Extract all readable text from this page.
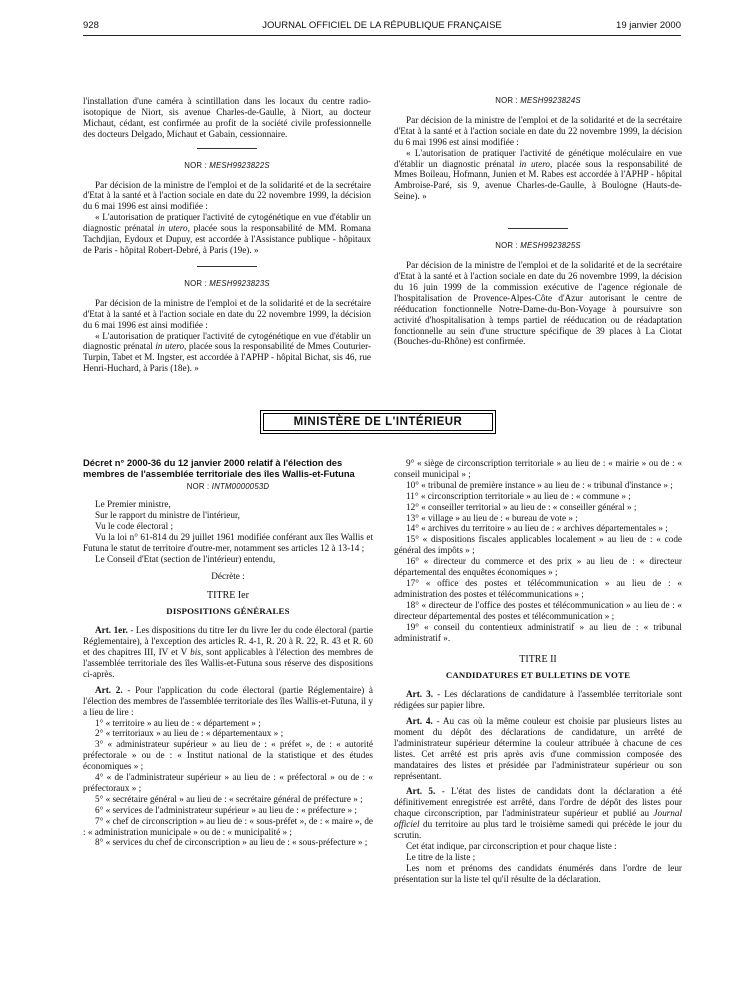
928	JOURNAL OFFICIEL DE LA RÉPUBLIQUE FRANÇAISE	19 janvier 2000

l'installation d'une caméra à scintillation dans les locaux du centre radio-isotopique de Niort, sis avenue Charles-de-Gaulle, à Niort, au docteur Michaut, cédant, est confirmée au profit de la société civile professionnelle des docteurs Delgado, Michaut et Gabain, cessionnaire.

NOR : MESH9923822S

Par décision de la ministre de l'emploi et de la solidarité et de la secrétaire d'Etat à la santé et à l'action sociale en date du 22 novembre 1999, la décision du 6 mai 1996 est ainsi modifiée :

« L'autorisation de pratiquer l'activité de cytogénétique en vue d'établir un diagnostic prénatal in utero, placée sous la responsabilité de MM. Romana Tachdjian, Eydoux et Dupuy, est accordée à l'Assistance publique - hôpitaux de Paris - hôpital Robert-Debré, à Paris (19e). »

NOR : MESH9923823S

Par décision de la ministre de l'emploi et de la solidarité et de la secrétaire d'Etat à la santé et à l'action sociale en date du 22 novembre 1999, la décision du 6 mai 1996 est ainsi modifiée :

« L'autorisation de pratiquer l'activité de cytogénétique en vue d'établir un diagnostic prénatal in utero, placée sous la responsabilité de Mmes Couturier-Turpin, Tabet et M. Ingster, est accordée à l'APHP - hôpital Bichat, sis 46, rue Henri-Huchard, à Paris (18e). »

NOR : MESH9923824S

Par décision de la ministre de l'emploi et de la solidarité et de la secrétaire d'Etat à la santé et à l'action sociale en date du 22 novembre 1999, la décision du 6 mai 1996 est ainsi modifiée :

« L'autorisation de pratiquer l'activité de génétique moléculaire en vue d'établir un diagnostic prénatal in utero, placée sous la responsabilité de Mmes Boileau, Hofmann, Junien et M. Rabes est accordée à l'APHP - hôpital Ambroise-Paré, sis 9, avenue Charles-de-Gaulle, à Boulogne (Hauts-de-Seine). »

NOR : MESH9923825S

Par décision de la ministre de l'emploi et de la solidarité et de la secrétaire d'Etat à la santé et à l'action sociale en date du 26 novembre 1999, la décision du 16 juin 1999 de la commission exécutive de l'agence régionale de l'hospitalisation de Provence-Alpes-Côte d'Azur autorisant le centre de rééducation fonctionnelle Notre-Dame-du-Bon-Voyage à poursuivre son activité d'hospitalisation à temps partiel de rééducation ou de réadaptation fonctionnelle au sein d'une structure spécifique de 39 places à La Ciotat (Bouches-du-Rhône) est confirmée.

MINISTÈRE DE L'INTÉRIEUR

Décret n° 2000-36 du 12 janvier 2000 relatif à l'élection des membres de l'assemblée territoriale des îles Wallis-et-Futuna

NOR : INTM0000053D

Le Premier ministre,

Sur le rapport du ministre de l'intérieur,

Vu le code électoral ;

Vu la loi n° 61-814 du 29 juillet 1961 modifiée conférant aux îles Wallis et Futuna le statut de territoire d'outre-mer, notamment ses articles 12 à 13-14 ;

Le Conseil d'Etat (section de l'intérieur) entendu,

Décrète :

TITRE Ier

DISPOSITIONS GÉNÉRALES

Art. 1er. - Les dispositions du titre Ier du livre Ier du code électoral (partie Réglementaire), à l'exception des articles R. 4-1, R. 20 à R. 22, R. 43 et R. 60 et des chapitres III, IV et V bis, sont applicables à l'élection des membres de l'assemblée territoriale des îles Wallis-et-Futuna sous réserve des dispositions ci-après.

Art. 2. - Pour l'application du code électoral (partie Réglementaire) à l'élection des membres de l'assemblée territoriale des îles Wallis-et-Futuna, il y a lieu de lire :

1° « territoire » au lieu de : « département » ;

2° « territoriaux » au lieu de : « départementaux » ;

3° « administrateur supérieur » au lieu de : « préfet », de : « autorité préfectorale » ou de : « Institut national de la statistique et des études économiques » ;

4° « de l'administrateur supérieur » au lieu de : « préfectoral » ou de : « préfectoraux » ;

5° « secrétaire général » au lieu de : « secrétaire général de préfecture » ;

6° « services de l'administrateur supérieur » au lieu de : « préfecture » ;

7° « chef de circonscription » au lieu de : « sous-préfet », de : « maire », de : « administration municipale » ou de : « municipalité » ;

8° « services du chef de circonscription » au lieu de : « sous-préfecture » ;

9° « siège de circonscription territoriale » au lieu de : « mairie » ou de : « conseil municipal » ;

10° « tribunal de première instance » au lieu de : « tribunal d'instance » ;

11° « circonscription territoriale » au lieu de : « commune » ;

12° « conseiller territorial » au lieu de : « conseiller général » ;

13° « village » au lieu de : « bureau de vote » ;

14° « archives du territoire » au lieu de : « archives départementales » ;

15° « dispositions fiscales applicables localement » au lieu de : « code général des impôts » ;

16° « directeur du commerce et des prix » au lieu de : « directeur départemental des enquêtes économiques » ;

17° « office des postes et télécommunication » au lieu de : « administration des postes et télécommunications » ;

18° « directeur de l'office des postes et télécommunication » au lieu de : « directeur départemental des postes et télécommunication » ;

19° « conseil du contentieux administratif » au lieu de : « tribunal administratif ».

TITRE II

CANDIDATURES ET BULLETINS DE VOTE

Art. 3. - Les déclarations de candidature à l'assemblée territoriale sont rédigées sur papier libre.

Art. 4. - Au cas où la même couleur est choisie par plusieurs listes au moment du dépôt des déclarations de candidature, un arrêté de l'administrateur supérieur détermine la couleur attribuée à chacune de ces listes. Cet arrêté est pris après avis d'une commission composée des mandataires des listes et présidée par l'administrateur supérieur ou son représentant.

Art. 5. - L'état des listes de candidats dont la déclaration a été définitivement enregistrée est arrêté, dans l'ordre de dépôt des listes pour chaque circonscription, par l'administrateur supérieur et publié au Journal officiel du territoire au plus tard le troisième samedi qui précède le jour du scrutin.

Cet état indique, par circonscription et pour chaque liste :

Le titre de la liste ;

Les nom et prénoms des candidats énumérés dans l'ordre de leur présentation sur la liste tel qu'il résulte de la déclaration.
